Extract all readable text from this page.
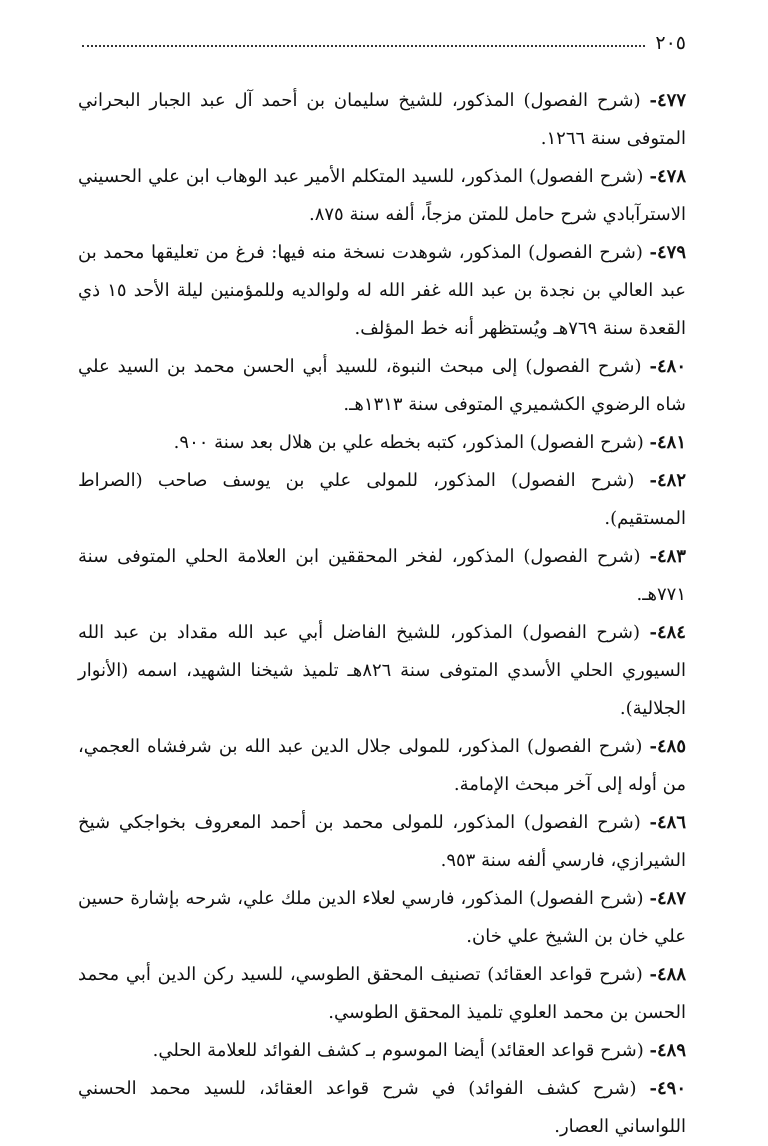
٢٠٥

٤٧٧- (شرح الفصول) المذكور، للشيخ سليمان بن أحمد آل عبد الجبار البحراني المتوفى سنة ١٢٦٦.

٤٧٨- (شرح الفصول) المذكور، للسيد المتكلم الأمير عبد الوهاب ابن علي الحسيني الاسترآبادي شرح حامل للمتن مزجاً، ألفه سنة ٨٧٥.

٤٧٩- (شرح الفصول) المذكور، شوهدت نسخة منه فيها: فرغ من تعليقها محمد بن عبد العالي بن نجدة بن عبد الله غفر الله له ولوالديه وللمؤمنين ليلة الأحد ١٥ ذي القعدة سنة ٧٦٩هـ ويُستظهر أنه خط المؤلف.

٤٨٠- (شرح الفصول) إلى مبحث النبوة، للسيد أبي الحسن محمد بن السيد علي شاه الرضوي الكشميري المتوفى سنة ١٣١٣هـ.

٤٨١- (شرح الفصول) المذكور، كتبه بخطه علي بن هلال بعد سنة ٩٠٠.

٤٨٢- (شرح الفصول) المذكور، للمولى علي بن يوسف صاحب (الصراط المستقيم).

٤٨٣- (شرح الفصول) المذكور، لفخر المحققين ابن العلامة الحلي المتوفى سنة ٧٧١هـ.

٤٨٤- (شرح الفصول) المذكور، للشيخ الفاضل أبي عبد الله مقداد بن عبد الله السيوري الحلي الأسدي المتوفى سنة ٨٢٦هـ تلميذ شيخنا الشهيد، اسمه (الأنوار الجلالية).

٤٨٥- (شرح الفصول) المذكور، للمولى جلال الدين عبد الله بن شرفشاه العجمي، من أوله إلى آخر مبحث الإمامة.

٤٨٦- (شرح الفصول) المذكور، للمولى محمد بن أحمد المعروف بخواجكي شيخ الشيرازي، فارسي ألفه سنة ٩٥٣.

٤٨٧- (شرح الفصول) المذكور، فارسي لعلاء الدين ملك علي، شرحه بإشارة حسين علي خان بن الشيخ علي خان.

٤٨٨- (شرح قواعد العقائد) تصنيف المحقق الطوسي، للسيد ركن الدين أبي محمد الحسن بن محمد العلوي تلميذ المحقق الطوسي.

٤٨٩- (شرح قواعد العقائد) أيضا الموسوم بـ كشف الفوائد للعلامة الحلي.

٤٩٠- (شرح كشف الفوائد) في شرح قواعد العقائد، للسيد محمد الحسني اللواساني العصار.
